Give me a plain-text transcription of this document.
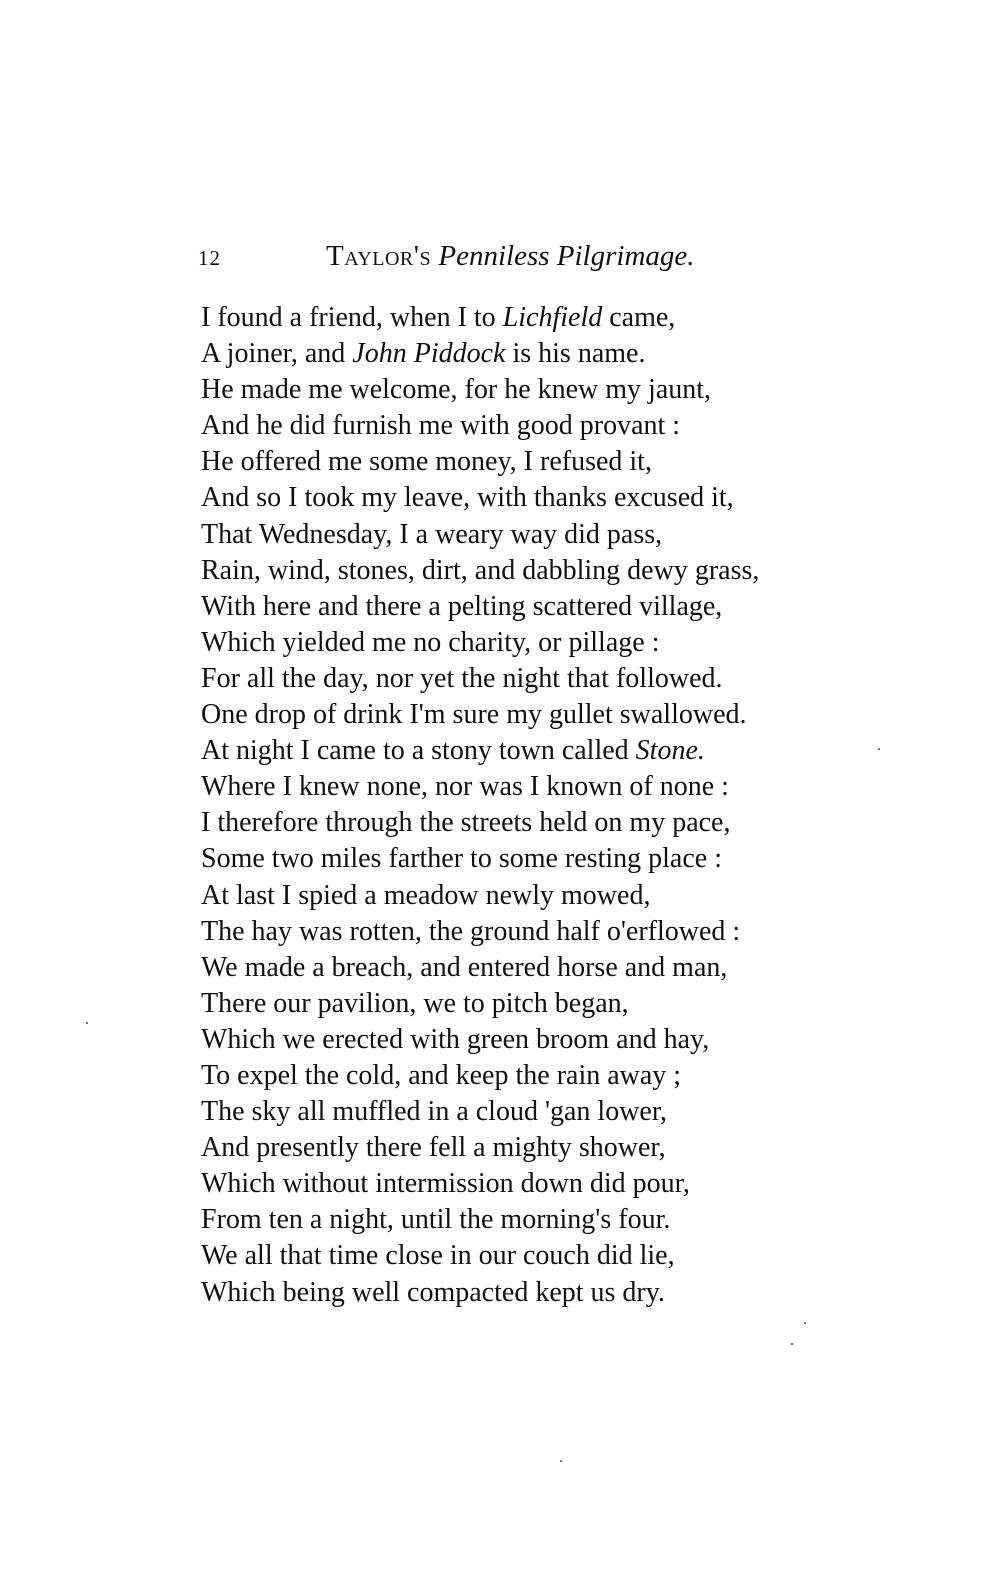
12	Taylor's Penniless Pilgrimage.
I found a friend, when I to Lichfield came,
A joiner, and John Piddock is his name.
He made me welcome, for he knew my jaunt,
And he did furnish me with good provant :
He offered me some money, I refused it,
And so I took my leave, with thanks excused it,
That Wednesday, I a weary way did pass,
Rain, wind, stones, dirt, and dabbling dewy grass,
With here and there a pelting scattered village,
Which yielded me no charity, or pillage :
For all the day, nor yet the night that followed.
One drop of drink I'm sure my gullet swallowed.
At night I came to a stony town called Stone.
Where I knew none, nor was I known of none :
I therefore through the streets held on my pace,
Some two miles farther to some resting place :
At last I spied a meadow newly mowed,
The hay was rotten, the ground half o'erflowed :
We made a breach, and entered horse and man,
There our pavilion, we to pitch began,
Which we erected with green broom and hay,
To expel the cold, and keep the rain away ;
The sky all muffled in a cloud 'gan lower,
And presently there fell a mighty shower,
Which without intermission down did pour,
From ten a night, until the morning's four.
We all that time close in our couch did lie,
Which being well compacted kept us dry.
